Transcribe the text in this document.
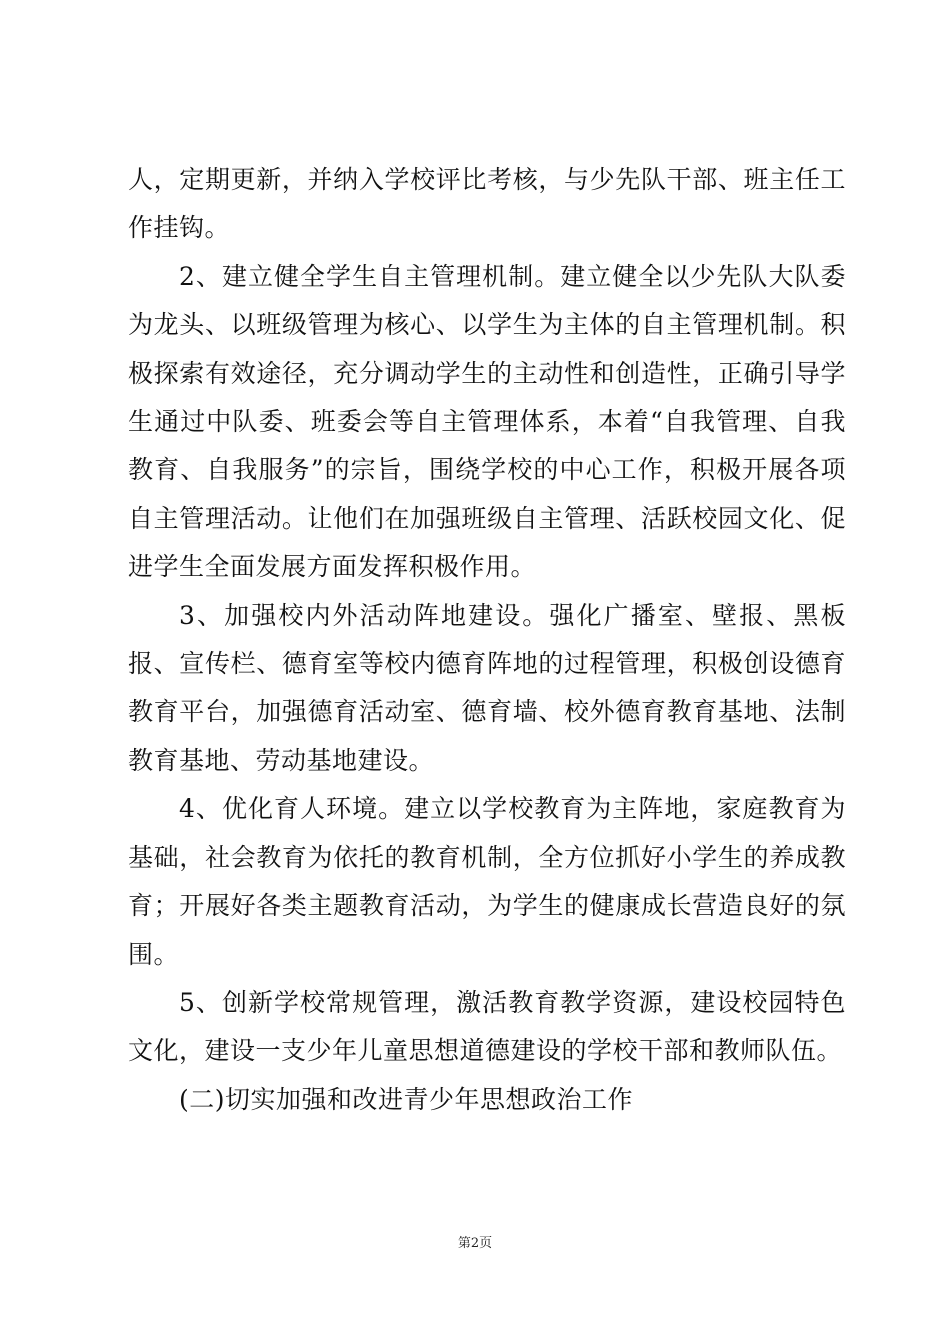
人，定期更新，并纳入学校评比考核，与少先队干部、班主任工作挂钩。

2、建立健全学生自主管理机制。建立健全以少先队大队委为龙头、以班级管理为核心、以学生为主体的自主管理机制。积极探索有效途径，充分调动学生的主动性和创造性，正确引导学生通过中队委、班委会等自主管理体系，本着“自我管理、自我教育、自我服务”的宗旨，围绕学校的中心工作，积极开展各项自主管理活动。让他们在加强班级自主管理、活跃校园文化、促进学生全面发展方面发挥积极作用。

3、加强校内外活动阵地建设。强化广播室、壁报、黑板报、宣传栏、德育室等校内德育阵地的过程管理，积极创设德育教育平台，加强德育活动室、德育墙、校外德育教育基地、法制教育基地、劳动基地建设。

4、优化育人环境。建立以学校教育为主阵地，家庭教育为基础，社会教育为依托的教育机制，全方位抓好小学生的养成教育；开展好各类主题教育活动，为学生的健康成长营造良好的氛围。

5、创新学校常规管理，激活教育教学资源，建设校园特色文化，建设一支少年儿童思想道德建设的学校干部和教师队伍。

(二)切实加强和改进青少年思想政治工作

第2页
